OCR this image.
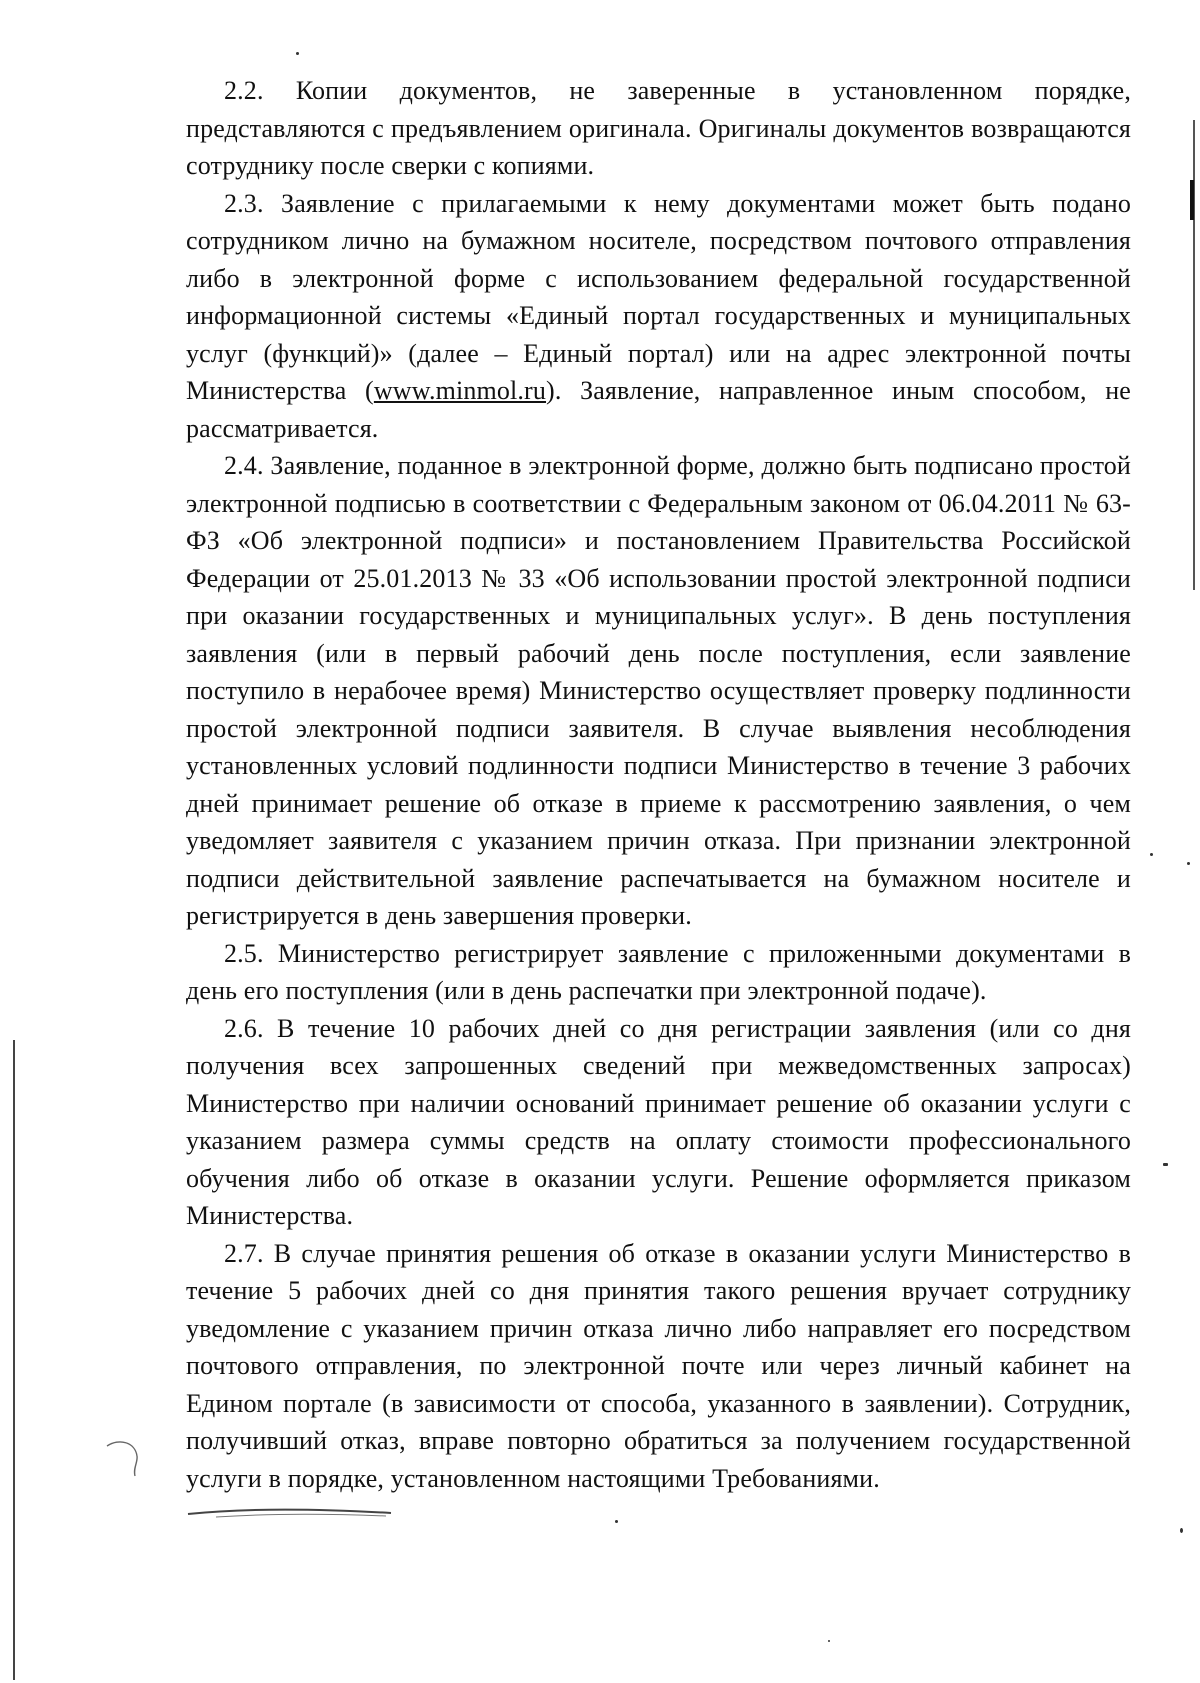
2.2. Копии документов, не заверенные в установленном порядке, представляются с предъявлением оригинала. Оригиналы документов возвращаются сотруднику после сверки с копиями.

2.3. Заявление с прилагаемыми к нему документами может быть подано сотрудником лично на бумажном носителе, посредством почтового отправления либо в электронной форме с использованием федеральной государственной информационной системы «Единый портал государственных и муниципальных услуг (функций)» (далее – Единый портал) или на адрес электронной почты Министерства (www.minmol.ru). Заявление, направленное иным способом, не рассматривается.

2.4. Заявление, поданное в электронной форме, должно быть подписано простой электронной подписью в соответствии с Федеральным законом от 06.04.2011 № 63-ФЗ «Об электронной подписи» и постановлением Правительства Российской Федерации от 25.01.2013 № 33 «Об использовании простой электронной подписи при оказании государственных и муниципальных услуг». В день поступления заявления (или в первый рабочий день после поступления, если заявление поступило в нерабочее время) Министерство осуществляет проверку подлинности простой электронной подписи заявителя. В случае выявления несоблюдения установленных условий подлинности подписи Министерство в течение 3 рабочих дней принимает решение об отказе в приеме к рассмотрению заявления, о чем уведомляет заявителя с указанием причин отказа. При признании электронной подписи действительной заявление распечатывается на бумажном носителе и регистрируется в день завершения проверки.

2.5. Министерство регистрирует заявление с приложенными документами в день его поступления (или в день распечатки при электронной подаче).

2.6. В течение 10 рабочих дней со дня регистрации заявления (или со дня получения всех запрошенных сведений при межведомственных запросах) Министерство при наличии оснований принимает решение об оказании услуги с указанием размера суммы средств на оплату стоимости профессионального обучения либо об отказе в оказании услуги. Решение оформляется приказом Министерства.

2.7. В случае принятия решения об отказе в оказании услуги Министерство в течение 5 рабочих дней со дня принятия такого решения вручает сотруднику уведомление с указанием причин отказа лично либо направляет его посредством почтового отправления, по электронной почте или через личный кабинет на Едином портале (в зависимости от способа, указанного в заявлении). Сотрудник, получивший отказ, вправе повторно обратиться за получением государственной услуги в порядке, установленном настоящими Требованиями.
